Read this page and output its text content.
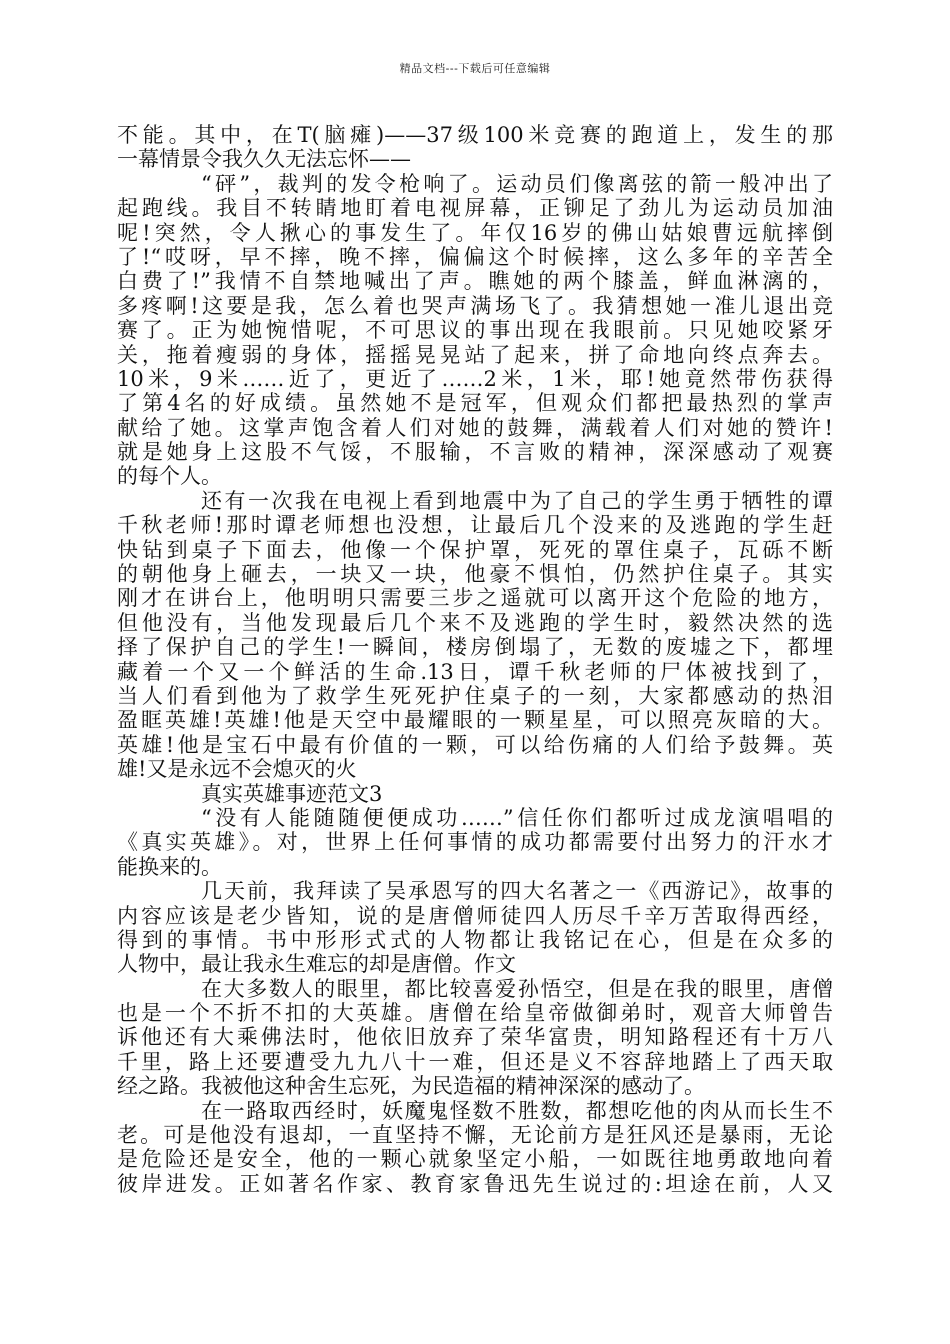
精品文档---下载后可任意编辑
不能。其中，在T(脑瘫)——37级100米竞赛的跑道上，发生的那
一幕情景令我久久无法忘怀——
“砰”，裁判的发令枪响了。运动员们像离弦的箭一般冲出了
起跑线。我目不转睛地盯着电视屏幕，正铆足了劲儿为运动员加油
呢!突然，令人揪心的事发生了。年仅16岁的佛山姑娘曹远航摔倒
了!“哎呀，早不摔，晚不摔，偏偏这个时候摔，这么多年的辛苦全
白费了!”我情不自禁地喊出了声。瞧她的两个膝盖，鲜血淋漓的，
多疼啊!这要是我，怎么着也哭声满场飞了。我猜想她一准儿退出竞
赛了。正为她惋惜呢，不可思议的事出现在我眼前。只见她咬紧牙
关，拖着瘦弱的身体，摇摇晃晃站了起来，拼了命地向终点奔去。
10米，9米……近了，更近了……2米，1米，耶!她竟然带伤获得
了第4名的好成绩。虽然她不是冠军，但观众们都把最热烈的掌声
献给了她。这掌声饱含着人们对她的鼓舞，满载着人们对她的赞许!
就是她身上这股不气馁，不服输，不言败的精神，深深感动了观赛
的每个人。
还有一次我在电视上看到地震中为了自己的学生勇于牺牲的谭
千秋老师!那时谭老师想也没想，让最后几个没来的及逃跑的学生赶
快钻到桌子下面去，他像一个保护罩，死死的罩住桌子，瓦砾不断
的朝他身上砸去，一块又一块，他豪不惧怕，仍然护住桌子。其实
刚才在讲台上，他明明只需要三步之遥就可以离开这个危险的地方，
但他没有，当他发现最后几个来不及逃跑的学生时，毅然决然的选
择了保护自己的学生!一瞬间，楼房倒塌了，无数的废墟之下，都埋
藏着一个又一个鲜活的生命.13日，谭千秋老师的尸体被找到了，
当人们看到他为了救学生死死护住桌子的一刻，大家都感动的热泪
盈眶英雄!英雄!他是天空中最耀眼的一颗星星，可以照亮灰暗的大。
英雄!他是宝石中最有价值的一颗，可以给伤痛的人们给予鼓舞。英
雄!又是永远不会熄灭的火
真实英雄事迹范文3
“没有人能随随便便成功……”信任你们都听过成龙演唱唱的
《真实英雄》。对，世界上任何事情的成功都需要付出努力的汗水才
能换来的。
几天前，我拜读了吴承恩写的四大名著之一《西游记》，故事的
内容应该是老少皆知，说的是唐僧师徒四人历尽千辛万苦取得西经，
得到的事情。书中形形式式的人物都让我铭记在心，但是在众多的
人物中，最让我永生难忘的却是唐僧。作文
在大多数人的眼里，都比较喜爱孙悟空，但是在我的眼里，唐僧
也是一个不折不扣的大英雄。唐僧在给皇帝做御弟时，观音大师曾告
诉他还有大乘佛法时，他依旧放弃了荣华富贵，明知路程还有十万八
千里，路上还要遭受九九八十一难，但还是义不容辞地踏上了西天取
经之路。我被他这种舍生忘死，为民造福的精神深深的感动了。
在一路取西经时，妖魔鬼怪数不胜数，都想吃他的肉从而长生不
老。可是他没有退却，一直坚持不懈，无论前方是狂风还是暴雨，无论
是危险还是安全，他的一颗心就象坚定小船，一如既往地勇敢地向着
彼岸进发。正如著名作家、教育家鲁迅先生说过的:坦途在前，人又
